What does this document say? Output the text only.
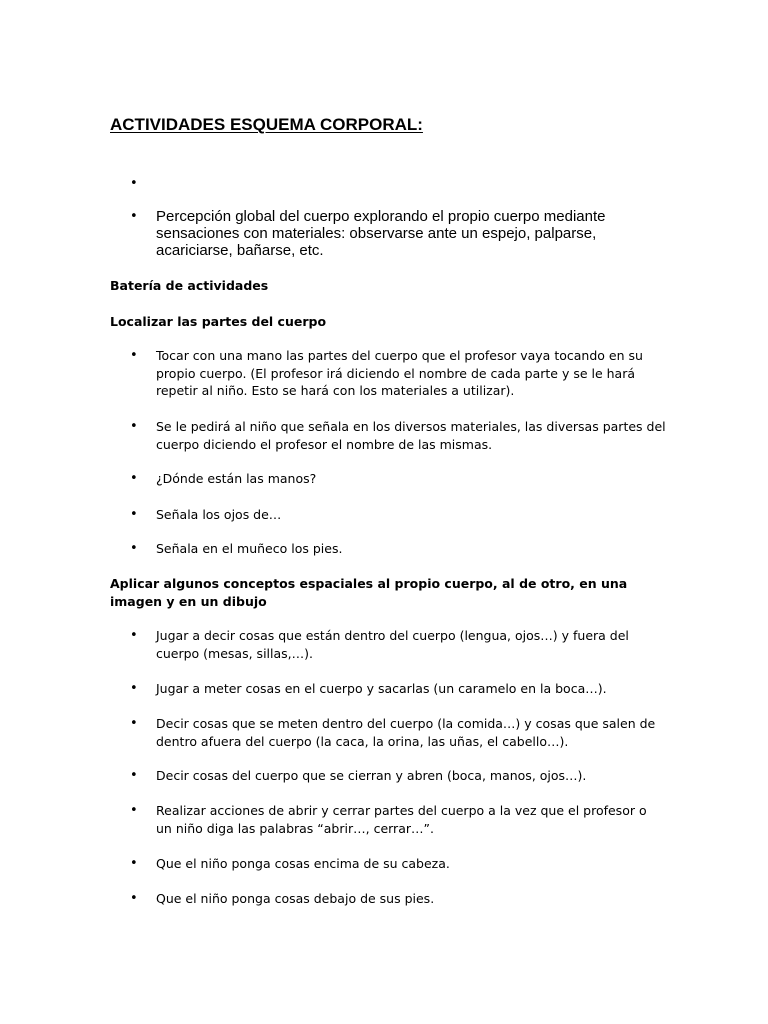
ACTIVIDADES ESQUEMA CORPORAL:
•
• Percepción global del cuerpo explorando el propio cuerpo mediante sensaciones con materiales: observarse ante un espejo, palparse, acariciarse, bañarse, etc.
Batería de actividades
Localizar las partes del cuerpo
• Tocar con una mano las partes del cuerpo que el profesor vaya tocando en su propio cuerpo. (El profesor irá diciendo el nombre de cada parte y se le hará repetir al niño. Esto se hará con los materiales a utilizar).
• Se le pedirá al niño que señala en los diversos materiales, las diversas partes del cuerpo diciendo el profesor el nombre de las mismas.
• ¿Dónde están las manos?
• Señala los ojos de…
• Señala en el muñeco los pies.
Aplicar algunos conceptos espaciales al propio cuerpo, al de otro, en una imagen y en un dibujo
• Jugar a decir cosas que están dentro del cuerpo (lengua, ojos…) y fuera del cuerpo (mesas, sillas,…).
• Jugar a meter cosas en el cuerpo y sacarlas (un caramelo en la boca…).
• Decir cosas que se meten dentro del cuerpo (la comida…) y cosas que salen de dentro afuera del cuerpo (la caca, la orina, las uñas, el cabello…).
• Decir cosas del cuerpo que se cierran y abren (boca, manos, ojos…).
• Realizar acciones de abrir y cerrar partes del cuerpo a la vez que el profesor o un niño diga las palabras “abrir…, cerrar…”.
• Que el niño ponga cosas encima de su cabeza.
• Que el niño ponga cosas debajo de sus pies.
